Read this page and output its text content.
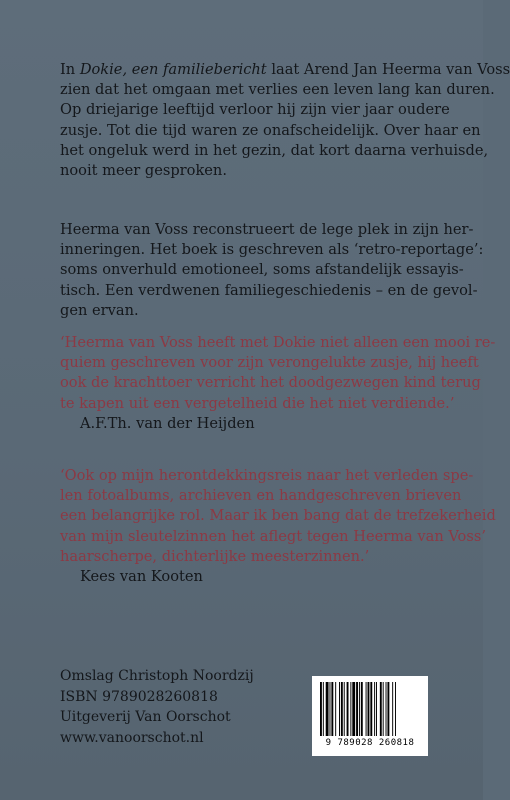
In Dokie, een familiebericht laat Arend Jan Heerma van Voss
zien dat het omgaan met verlies een leven lang kan duren.
Op driejarige leeftijd verloor hij zijn vier jaar oudere
zusje. Tot die tijd waren ze onafscheidelijk. Over haar en
het ongeluk werd in het gezin, dat kort daarna verhuisde,
nooit meer gesproken.
Heerma van Voss reconstrueert de lege plek in zijn her-
inneringen. Het boek is geschreven als ‘retro-reportage’:
soms onverhuld emotioneel, soms afstandelijk essayis-
tisch. Een verdwenen familiegeschiedenis – en de gevol-
gen ervan.
‘Heerma van Voss heeft met Dokie niet alleen een mooi re-
quiem geschreven voor zijn verongelukte zusje, hij heeft
ook de krachttoer verricht het doodgezwegen kind terug
te kapen uit een vergetelheid die het niet verdiende.’
A.F.Th. van der Heijden
‘Ook op mijn herontdekkingsreis naar het verleden spe-
len fotoalbums, archieven en handgeschreven brieven
een belangrijke rol. Maar ik ben bang dat de trefzekerheid
van mijn sleutelzinnen het aflegt tegen Heerma van Voss’
haarscherpe, dichterlijke meesterzinnen.’
Kees van Kooten
Omslag Christoph Noordzij
ISBN 9789028260818
Uitgeverij Van Oorschot
www.vanoorschot.nl	9 789028 260818
